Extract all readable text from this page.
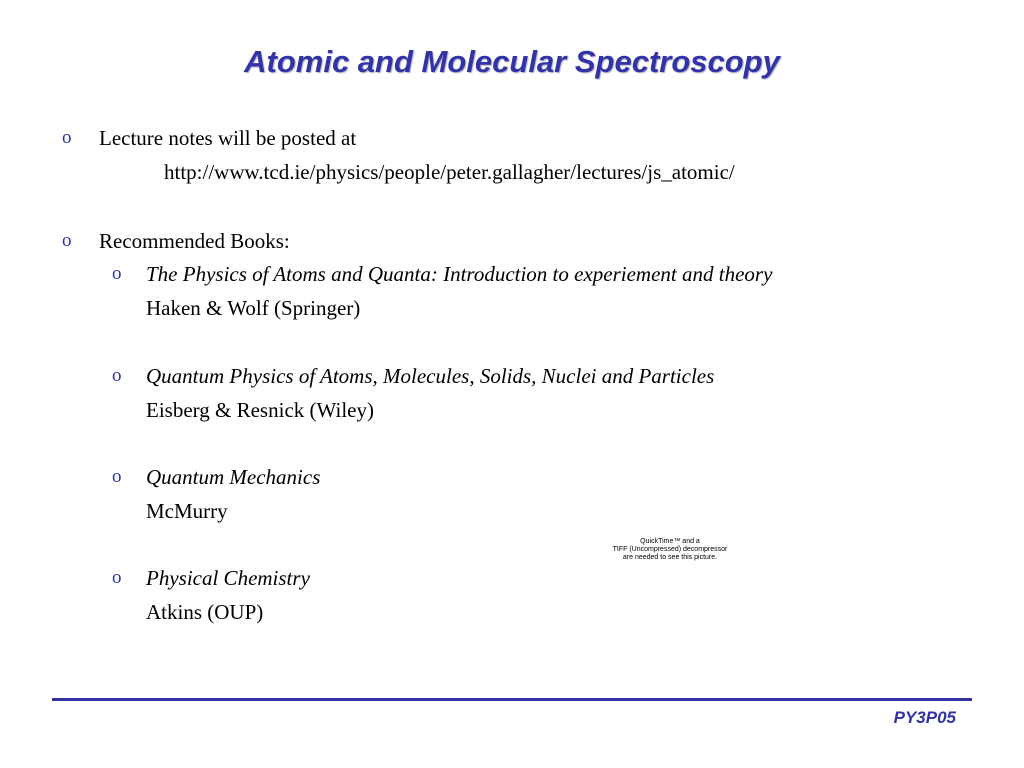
Atomic and Molecular Spectroscopy
o Lecture notes will be posted at
http://www.tcd.ie/physics/people/peter.gallagher/lectures/js_atomic/
o Recommended Books:
o The Physics of Atoms and Quanta: Introduction to experiement and theory
Haken & Wolf (Springer)
o Quantum Physics of Atoms, Molecules, Solids, Nuclei and Particles
Eisberg & Resnick (Wiley)
o Quantum Mechanics
McMurry
o Physical Chemistry
Atkins (OUP)
QuickTime™ and a
TIFF (Uncompressed) decompressor
are needed to see this picture.
PY3P05
